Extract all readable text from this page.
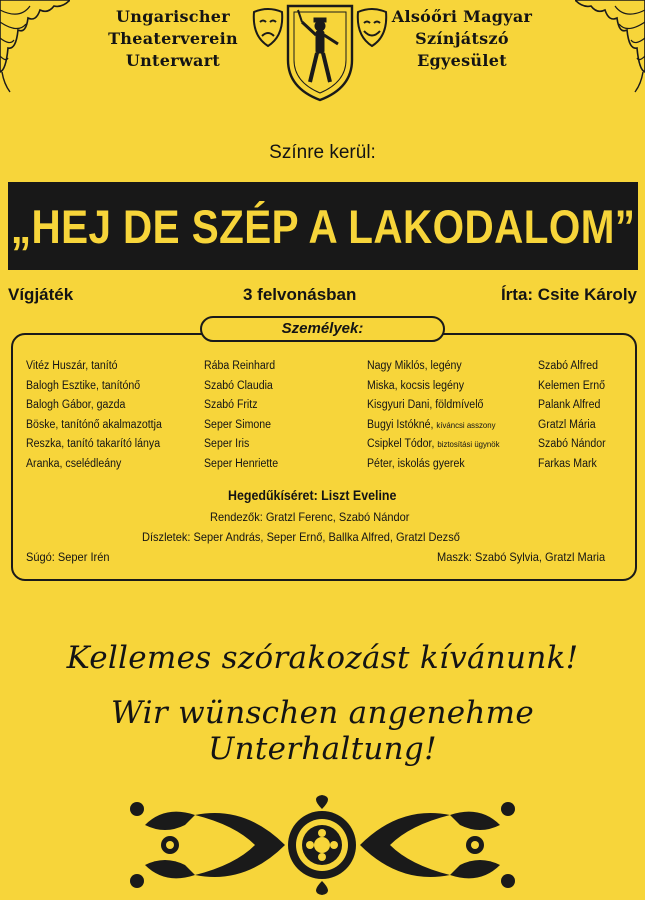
Ungarischer
Theaterverein
Unterwart
Alsóőri Magyar
Színjátszó
Egyesület
Színre kerül:
„HEJ DE SZÉP A LAKODALOM”
Vígjáték	3 felvonásban	Írta: Csite Károly
Személyek:
Vitéz Huszár, tanító
Balogh Esztike, tanítónő
Balogh Gábor, gazda
Böske, tanítónő akalmazottja
Reszka, tanító takarító lánya
Aranka, cselédleány
Rába Reinhard
Szabó Claudia
Szabó Fritz
Seper Simone
Seper Iris
Seper Henriette
Nagy Miklós, legény
Miska, kocsis legény
Kisgyuri Dani, földmívelő
Bugyi Istókné, kíváncsi asszony
Csipkel Tódor, biztosítási ügynök
Péter, iskolás gyerek
Szabó Alfred
Kelemen Ernő
Palank Alfred
Gratzl Mária
Szabó Nándor
Farkas Mark
Hegedűkíséret: Liszt Eveline
Rendezők: Gratzl Ferenc, Szabó Nándor
Díszletek: Seper András, Seper Ernő, Ballka Alfred, Gratzl Dezső
Súgó: Seper Irén	Maszk: Szabó Sylvia, Gratzl Maria
Kellemes szórakozást kívánunk!
Wir wünschen angenehme Unterhaltung!
